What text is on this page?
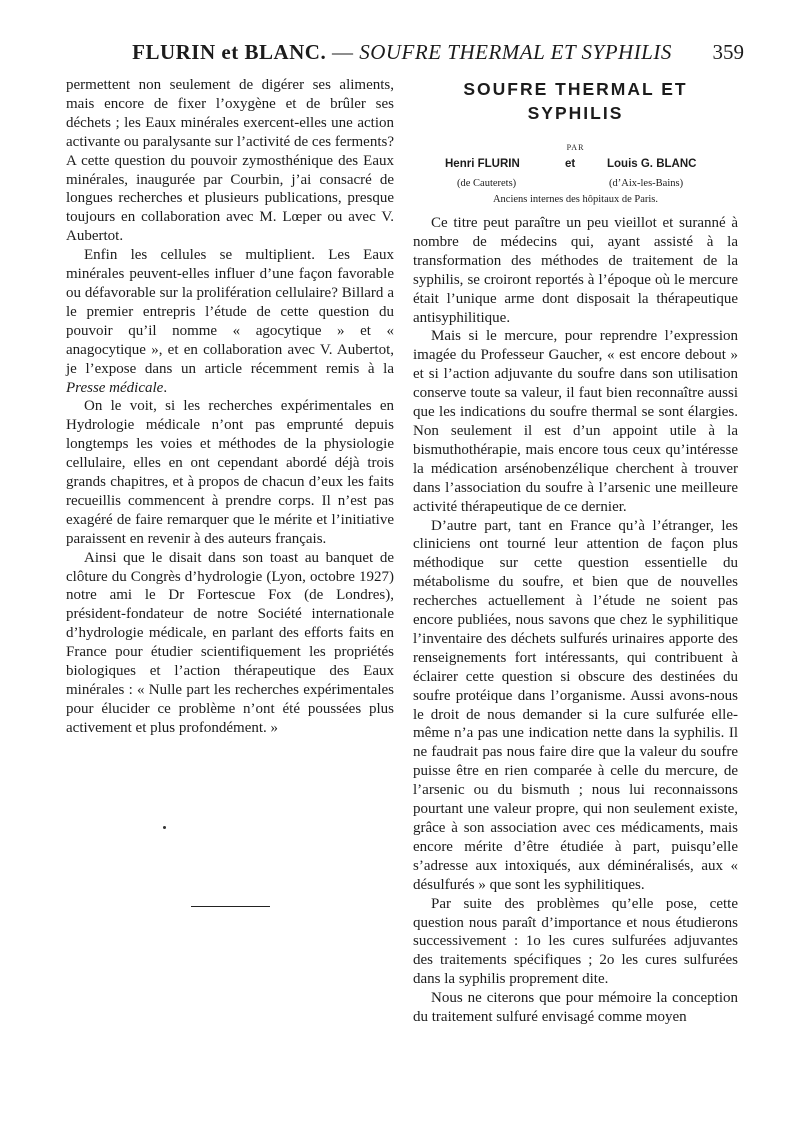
FLURIN et BLANC. — SOUFRE THERMAL ET SYPHILIS	359

permettent non seulement de digérer ses aliments, mais encore de fixer l’oxygène et de brûler ses déchets ; les Eaux minérales exercent-elles une action activante ou paralysante sur l’activité de ces ferments? A cette question du pouvoir zymosthénique des Eaux minérales, inaugurée par Courbin, j’ai consacré de longues recherches et plusieurs publications, presque toujours en collaboration avec M. Lœper ou avec V. Aubertot.

Enfin les cellules se multiplient. Les Eaux minérales peuvent-elles influer d’une façon favorable ou défavorable sur la prolifération cellulaire? Billard a le premier entrepris l’étude de cette question du pouvoir qu’il nomme « agocytique » et « anagocytique », et en collaboration avec V. Aubertot, je l’expose dans un article récemment remis à la Presse médicale.

On le voit, si les recherches expérimentales en Hydrologie médicale n’ont pas emprunté depuis longtemps les voies et méthodes de la physiologie cellulaire, elles en ont cependant abordé déjà trois grands chapitres, et à propos de chacun d’eux les faits recueillis commencent à prendre corps. Il n’est pas exagéré de faire remarquer que le mérite et l’initiative paraissent en revenir à des auteurs français.

Ainsi que le disait dans son toast au banquet de clôture du Congrès d’hydrologie (Lyon, octobre 1927) notre ami le Dr Fortescue Fox (de Londres), président-fondateur de notre Société internationale d’hydrologie médicale, en parlant des efforts faits en France pour étudier scientifiquement les propriétés biologiques et l’action thérapeutique des Eaux minérales : « Nulle part les recherches expérimentales pour élucider ce problème n’ont été poussées plus activement et plus profondément. »

SOUFRE THERMAL ET
SYPHILIS

PAR
Henri FLURIN	et	Louis G. BLANC
(de Cauterets)	(d’Aix-les-Bains)
Anciens internes des hôpitaux de Paris.

Ce titre peut paraître un peu vieillot et suranné à nombre de médecins qui, ayant assisté à la transformation des méthodes de traitement de la syphilis, se croiront reportés à l’époque où le mercure était l’unique arme dont disposait la thérapeutique antisyphilitique.

Mais si le mercure, pour reprendre l’expression imagée du Professeur Gaucher, « est encore debout » et si l’action adjuvante du soufre dans son utilisation conserve toute sa valeur, il faut bien reconnaître aussi que les indications du soufre thermal se sont élargies. Non seulement il est d’un appoint utile à la bismuthothérapie, mais encore tous ceux qu’intéresse la médication arsénobenzélique cherchent à trouver dans l’association du soufre à l’arsenic une meilleure activité thérapeutique de ce dernier.

D’autre part, tant en France qu’à l’étranger, les cliniciens ont tourné leur attention de façon plus méthodique sur cette question essentielle du métabolisme du soufre, et bien que de nouvelles recherches actuellement à l’étude ne soient pas encore publiées, nous savons que chez le syphilitique l’inventaire des déchets sulfurés urinaires apporte des renseignements fort intéressants, qui contribuent à éclairer cette question si obscure des destinées du soufre protéique dans l’organisme. Aussi avons-nous le droit de nous demander si la cure sulfurée elle-même n’a pas une indication nette dans la syphilis. Il ne faudrait pas nous faire dire que la valeur du soufre puisse être en rien comparée à celle du mercure, de l’arsenic ou du bismuth ; nous lui reconnaissons pourtant une valeur propre, qui non seulement existe, grâce à son association avec ces médicaments, mais encore mérite d’être étudiée à part, puisqu’elle s’adresse aux intoxiqués, aux déminéralisés, aux « désulfurés » que sont les syphilitiques.

Par suite des problèmes qu’elle pose, cette question nous paraît d’importance et nous étudierons successivement : 1o les cures sulfurées adjuvantes des traitements spécifiques ; 2o les cures sulfurées dans la syphilis proprement dite.

Nous ne citerons que pour mémoire la conception du traitement sulfuré envisagé comme moyen
